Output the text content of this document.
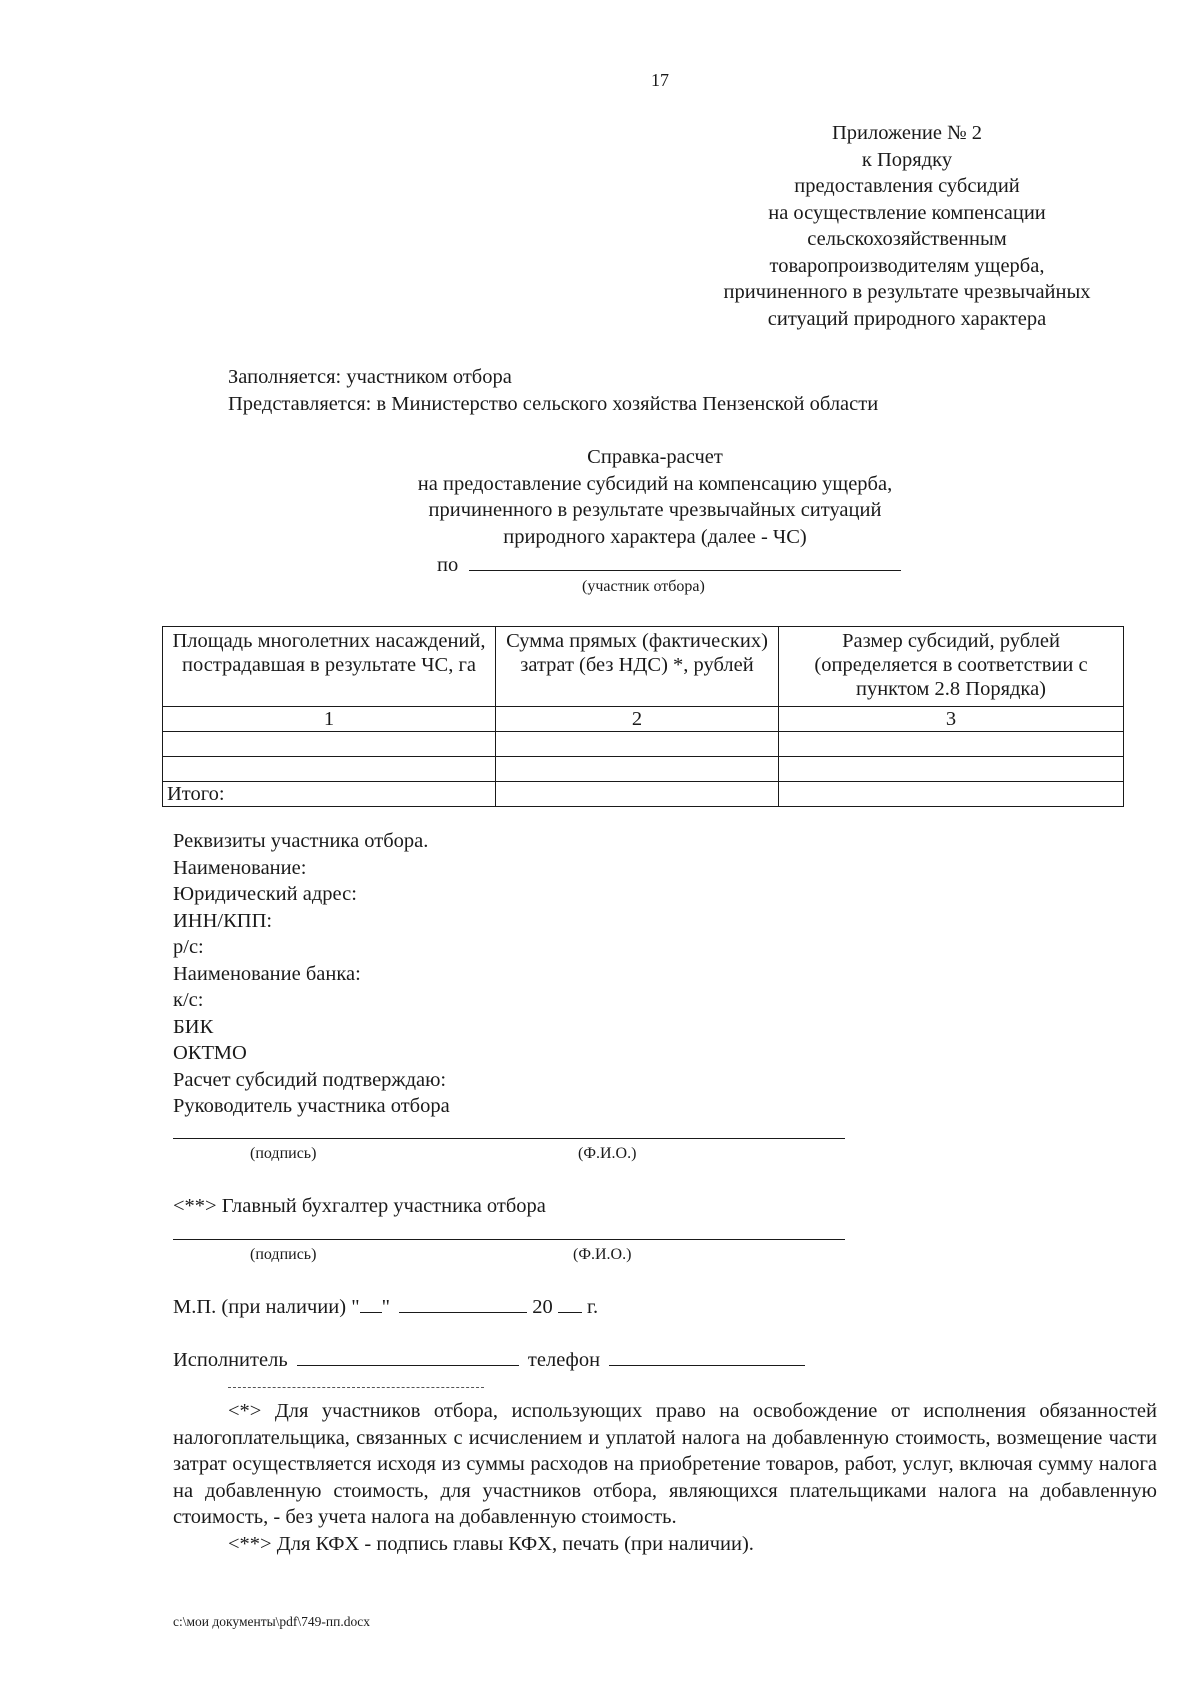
17
Приложение № 2
к Порядку
предоставления субсидий
на осуществление компенсации
сельскохозяйственным
товаропроизводителям ущерба,
причиненного в результате чрезвычайных
ситуаций природного характера
Заполняется: участником отбора
Представляется: в Министерство сельского хозяйства Пензенской области
Справка-расчет
на предоставление субсидий на компенсацию ущерба,
причиненного в результате чрезвычайных ситуаций
природного характера (далее - ЧС)
по
(участник отбора)
Площадь многолетних насаждений, пострадавшая в результате ЧС, га	Сумма прямых (фактических) затрат (без НДС) *, рублей	Размер субсидий, рублей (определяется в соответствии с пунктом 2.8 Порядка)
1	2	3

Итого:		
Реквизиты участника отбора.
Наименование:
Юридический адрес:
ИНН/КПП:
р/с:
Наименование банка:
к/с:
БИК
ОКТМО
Расчет субсидий подтверждаю:
Руководитель участника отбора
(подпись)	(Ф.И.О.)
<**> Главный бухгалтер участника отбора
(подпись)	(Ф.И.О.)
М.П. (при наличии) " "	20 г.
Исполнитель	телефон

<*> Для участников отбора, использующих право на освобождение от исполнения обязанностей налогоплательщика, связанных с исчислением и уплатой налога на добавленную стоимость, возмещение части затрат осуществляется исходя из суммы расходов на приобретение товаров, работ, услуг, включая сумму налога на добавленную стоимость, для участников отбора, являющихся плательщиками налога на добавленную стоимость, - без учета налога на добавленную стоимость.

<**> Для КФХ - подпись главы КФХ, печать (при наличии).

c:\мои документы\pdf\749-пп.docx
